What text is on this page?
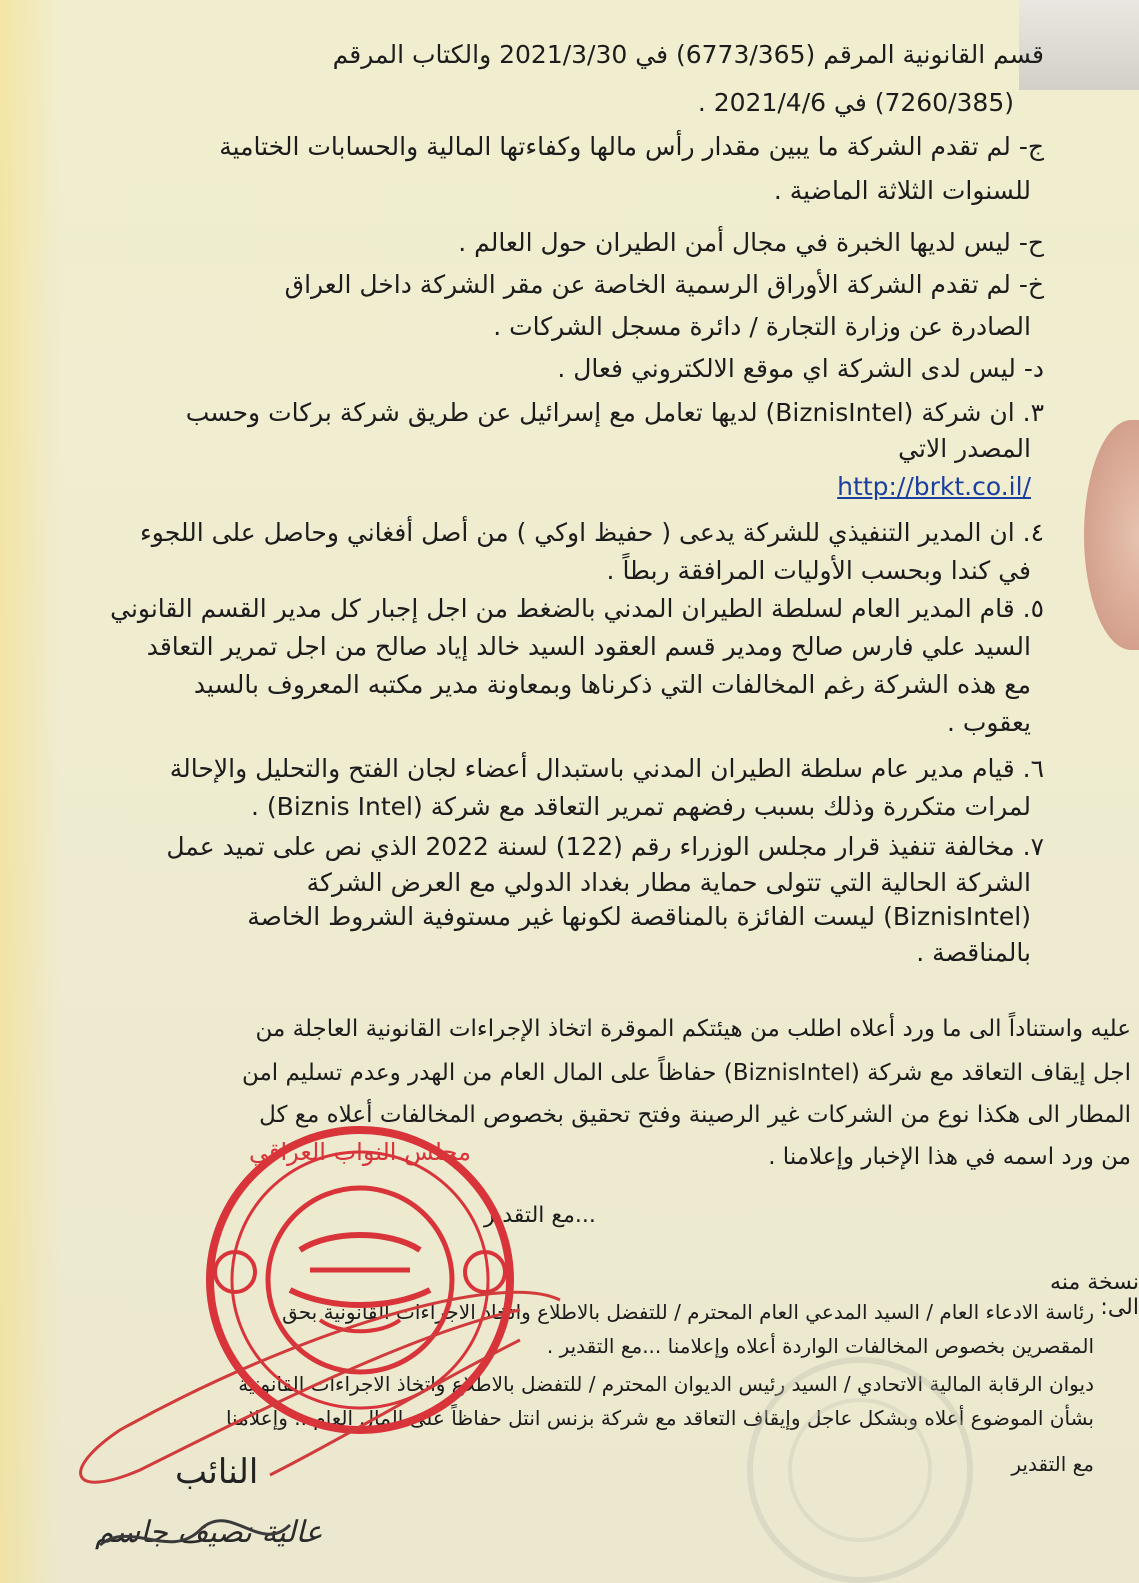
قسم القانونية المرقم (6773/365) في 2021/3/30 والكتاب المرقم
(7260/385) في 2021/4/6 .
ج- لم تقدم الشركة ما يبين مقدار رأس مالها وكفاءتها المالية والحسابات الختامية
للسنوات الثلاثة الماضية .
ح- ليس لديها الخبرة في مجال أمن الطيران حول العالم .
خ- لم تقدم الشركة الأوراق الرسمية الخاصة عن مقر الشركة داخل العراق
الصادرة عن وزارة التجارة / دائرة مسجل الشركات .
د- ليس لدى الشركة اي موقع الالكتروني فعال .
٣. ان شركة (BiznisIntel) لديها تعامل مع إسرائيل عن طريق شركة بركات وحسب
المصدر الاتي
http://brkt.co.il/
٤. ان المدير التنفيذي للشركة يدعى ( حفيظ اوكي ) من أصل أفغاني وحاصل على اللجوء
في كندا وبحسب الأوليات المرافقة ربطاً .
٥. قام المدير العام لسلطة الطيران المدني بالضغط من اجل إجبار كل مدير القسم القانوني
السيد علي فارس صالح ومدير قسم العقود السيد خالد إياد صالح من اجل تمرير التعاقد
مع هذه الشركة رغم المخالفات التي ذكرناها وبمعاونة مدير مكتبه المعروف بالسيد
يعقوب .
٦. قيام مدير عام سلطة الطيران المدني باستبدال أعضاء لجان الفتح والتحليل والإحالة
لمرات متكررة وذلك بسبب رفضهم تمرير التعاقد مع شركة (Biznis Intel) .
٧. مخالفة تنفيذ قرار مجلس الوزراء رقم (122) لسنة 2022 الذي نص على تميد عمل
الشركة الحالية التي تتولى حماية مطار بغداد الدولي مع العرض الشركة
(BiznisIntel) ليست الفائزة بالمناقصة لكونها غير مستوفية الشروط الخاصة
بالمناقصة .
عليه واستناداً الى ما ورد أعلاه اطلب من هيئتكم الموقرة اتخاذ الإجراءات القانونية العاجلة من
اجل إيقاف التعاقد مع شركة (BiznisIntel) حفاظاً على المال العام من الهدر وعدم تسليم امن
المطار الى هكذا نوع من الشركات غير الرصينة وفتح تحقيق بخصوص المخالفات أعلاه مع كل
من ورد اسمه في هذا الإخبار وإعلامنا .
...مع التقدير .
نسخة منه الى:
رئاسة الادعاء العام / السيد المدعي العام المحترم / للتفضل بالاطلاع واتخاذ الاجراءات القانونية بحق
المقصرين بخصوص المخالفات الواردة أعلاه وإعلامنا ...مع التقدير .
ديوان الرقابة المالية الاتحادي / السيد رئيس الديوان المحترم / للتفضل بالاطلاع واتخاذ الاجراءات القانونية
بشأن الموضوع أعلاه وبشكل عاجل وإيقاف التعاقد مع شركة بزنس انتل حفاظاً على المال العام .. وإعلامنا
مع التقدير
النائب
عالية نصيف جاسم
مجلس النواب العراقي
